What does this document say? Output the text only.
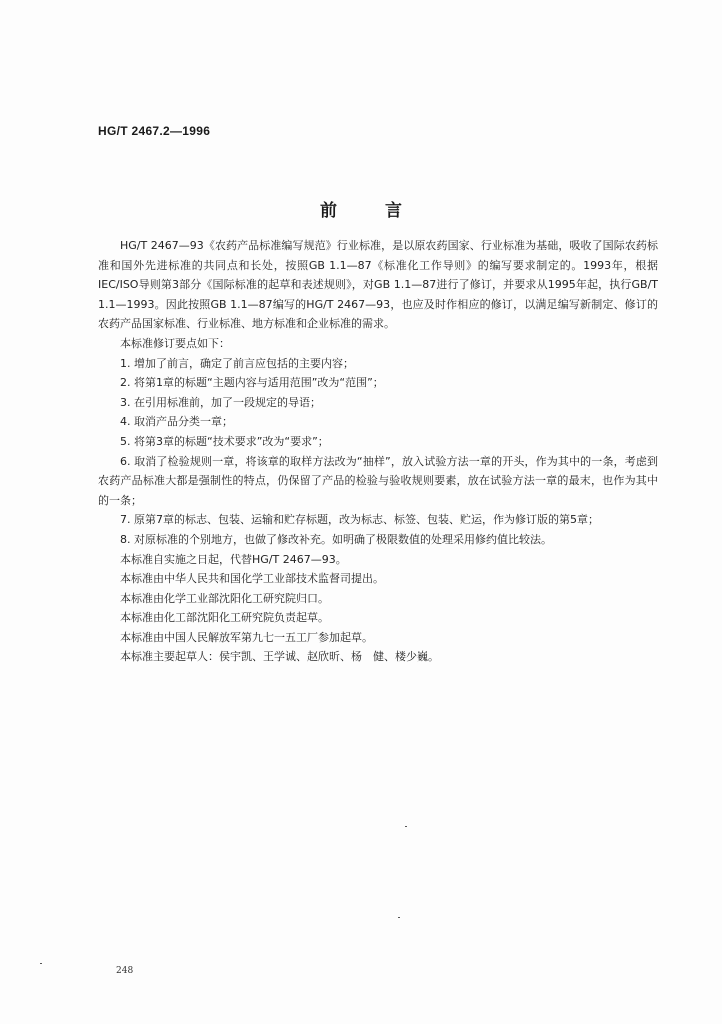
HG/T 2467.2—1996
前言

HG/T 2467—93《农药产品标准编写规范》行业标准，是以原农药国家、行业标准为基础，吸收了国际农药标准和国外先进标准的共同点和长处，按照GB 1.1—87《标准化工作导则》的编写要求制定的。1993年，根据IEC/ISO导则第3部分《国际标准的起草和表述规则》，对GB 1.1—87进行了修订，并要求从1995年起，执行GB/T 1.1—1993。因此按照GB 1.1—87编写的HG/T 2467—93，也应及时作相应的修订，以满足编写新制定、修订的农药产品国家标准、行业标准、地方标准和企业标准的需求。

本标准修订要点如下：

1. 增加了前言，确定了前言应包括的主要内容；

2. 将第1章的标题“主题内容与适用范围”改为“范围”；

3. 在引用标准前，加了一段规定的导语；

4. 取消产品分类一章；

5. 将第3章的标题“技术要求”改为“要求”；

6. 取消了检验规则一章，将该章的取样方法改为“抽样”，放入试验方法一章的开头，作为其中的一条，考虑到农药产品标准大都是强制性的特点，仍保留了产品的检验与验收规则要素，放在试验方法一章的最末，也作为其中的一条；

7. 原第7章的标志、包装、运输和贮存标题，改为标志、标签、包装、贮运，作为修订版的第5章；

8. 对原标准的个别地方，也做了修改补充。如明确了极限数值的处理采用修约值比较法。

本标准自实施之日起，代替HG/T 2467—93。

本标准由中华人民共和国化学工业部技术监督司提出。

本标准由化学工业部沈阳化工研究院归口。

本标准由化工部沈阳化工研究院负责起草。

本标准由中国人民解放军第九七一五工厂参加起草。

本标准主要起草人：侯宇凯、王学诚、赵欣昕、杨　健、楼少巍。

248
